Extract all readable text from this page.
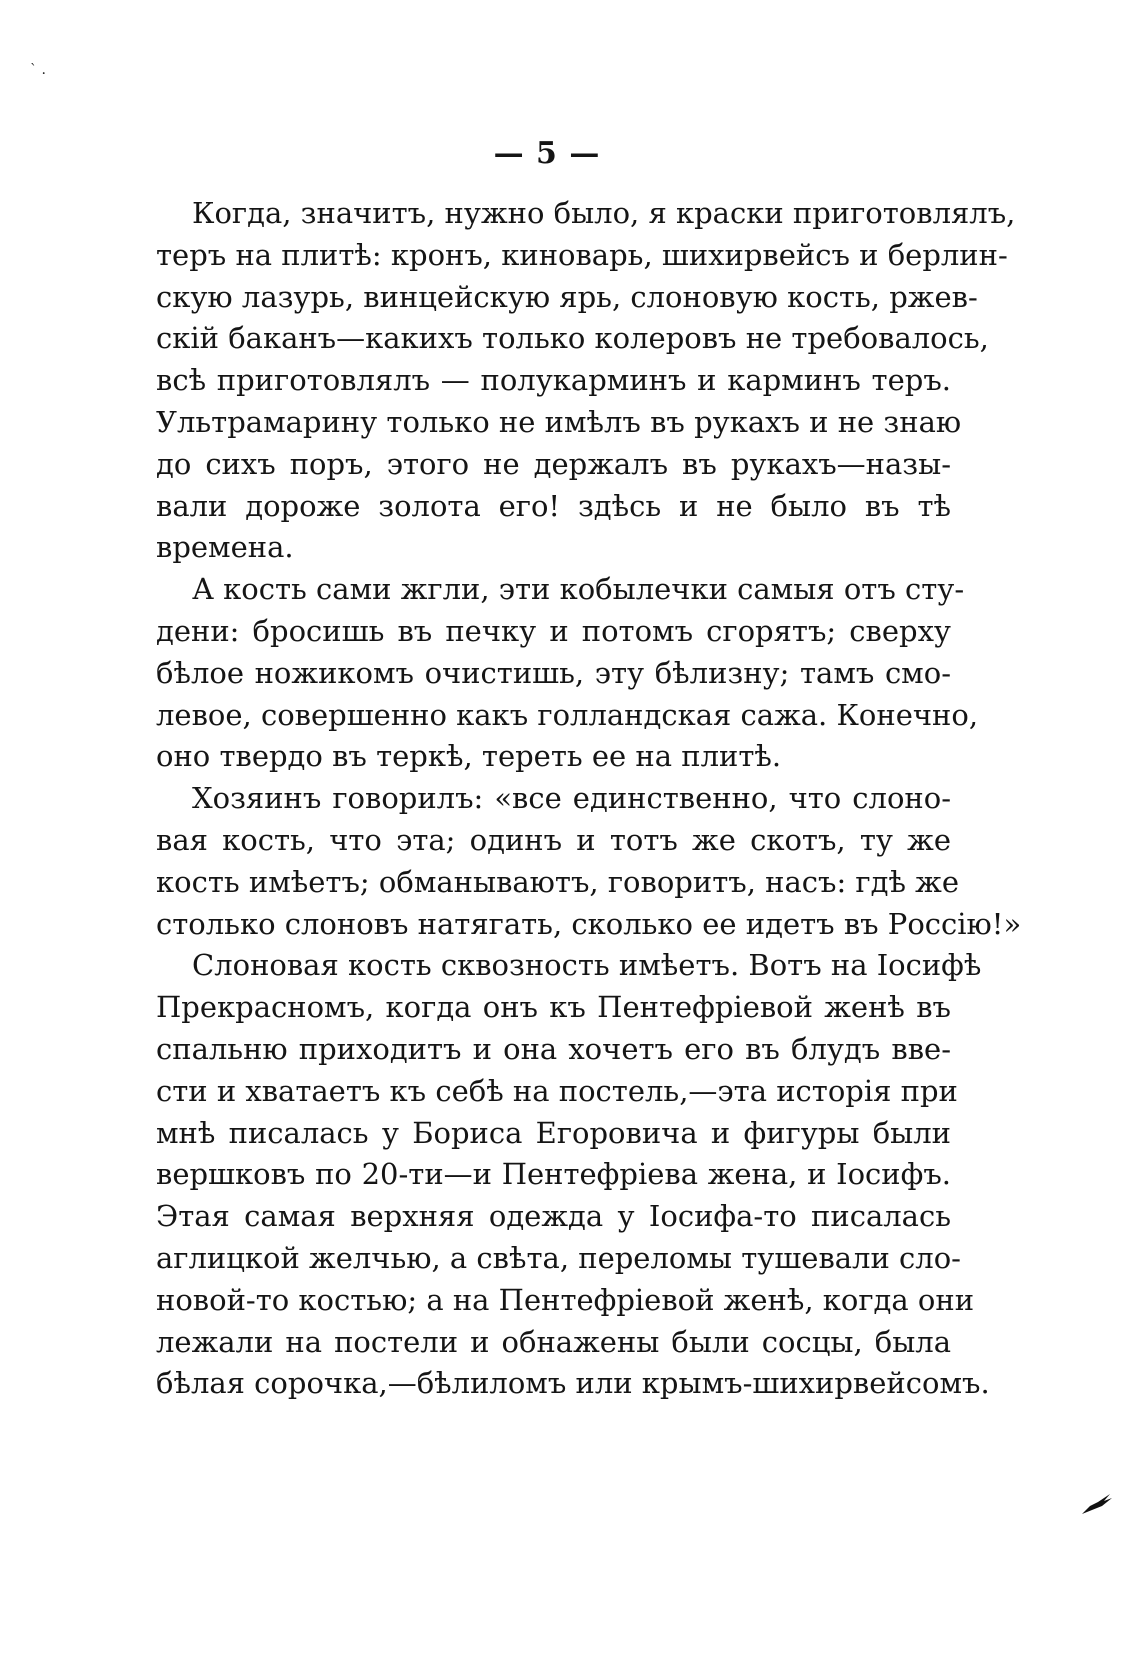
` .
— 5 —
Когда, значитъ, нужно было, я краски приготовлялъ,
теръ на плитѣ: кронъ, киноварь, шихирвейсъ и берлин-
скую лазурь, винцейскую ярь, слоновую кость, ржев-
скій баканъ—какихъ только колеровъ не требовалось,
всѣ приготовлялъ — полукарминъ и карминъ теръ.
Ультрамарину только не имѣлъ въ рукахъ и не знаю
до сихъ поръ, этого не держалъ въ рукахъ—назы-
вали дороже золота его! здѣсь и не было въ тѣ
времена.
А кость сами жгли, эти кобылечки самыя отъ сту-
дени: бросишь въ печку и потомъ сгорятъ; сверху
бѣлое ножикомъ очистишь, эту бѣлизну; тамъ смо-
левое, совершенно какъ голландская сажа. Конечно,
оно твердо въ теркѣ, тереть ее на плитѣ.
Хозяинъ говорилъ: «все единственно, что слоно-
вая кость, что эта; одинъ и тотъ же скотъ, ту же
кость имѣетъ; обманываютъ, говоритъ, насъ: гдѣ же
столько слоновъ натягать, сколько ее идетъ въ Россію!»
Слоновая кость сквозность имѣетъ. Вотъ на Іосифѣ
Прекрасномъ, когда онъ къ Пентефріевой женѣ въ
спальню приходитъ и она хочетъ его въ блудъ вве-
сти и хватаетъ къ себѣ на постель,—эта исторія при
мнѣ писалась у Бориса Егоровича и фигуры были
вершковъ по 20-ти—и Пентефріева жена, и Іосифъ.
Этая самая верхняя одежда у Іосифа-то писалась
аглицкой желчью, а свѣта, переломы тушевали сло-
новой-то костью; а на Пентефріевой женѣ, когда они
лежали на постели и обнажены были сосцы, была
бѣлая сорочка,—бѣлиломъ или крымъ-шихирвейсомъ.
